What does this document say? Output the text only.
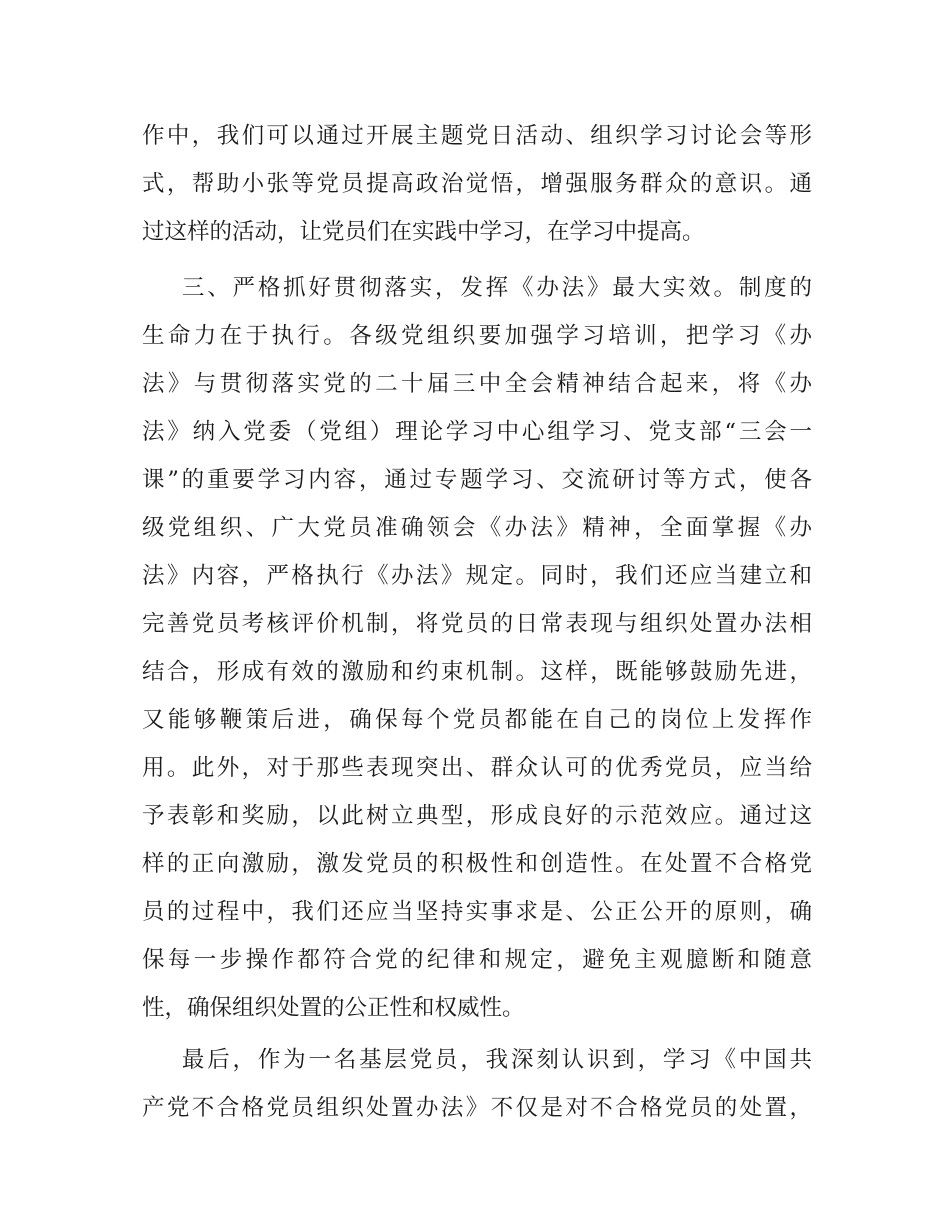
作中，我们可以通过开展主题党日活动、组织学习讨论会等形
式，帮助小张等党员提高政治觉悟，增强服务群众的意识。通
过这样的活动，让党员们在实践中学习，在学习中提高。
三、严格抓好贯彻落实，发挥《办法》最大实效。制度的
生命力在于执行。各级党组织要加强学习培训，把学习《办
法》与贯彻落实党的二十届三中全会精神结合起来，将《办
法》纳入党委（党组）理论学习中心组学习、党支部“三会一
课”的重要学习内容，通过专题学习、交流研讨等方式，使各
级党组织、广大党员准确领会《办法》精神，全面掌握《办
法》内容，严格执行《办法》规定。同时，我们还应当建立和
完善党员考核评价机制，将党员的日常表现与组织处置办法相
结合，形成有效的激励和约束机制。这样，既能够鼓励先进，
又能够鞭策后进，确保每个党员都能在自己的岗位上发挥作
用。此外，对于那些表现突出、群众认可的优秀党员，应当给
予表彰和奖励，以此树立典型，形成良好的示范效应。通过这
样的正向激励，激发党员的积极性和创造性。在处置不合格党
员的过程中，我们还应当坚持实事求是、公正公开的原则，确
保每一步操作都符合党的纪律和规定，避免主观臆断和随意
性，确保组织处置的公正性和权威性。
最后，作为一名基层党员，我深刻认识到，学习《中国共
产党不合格党员组织处置办法》不仅是对不合格党员的处置，
